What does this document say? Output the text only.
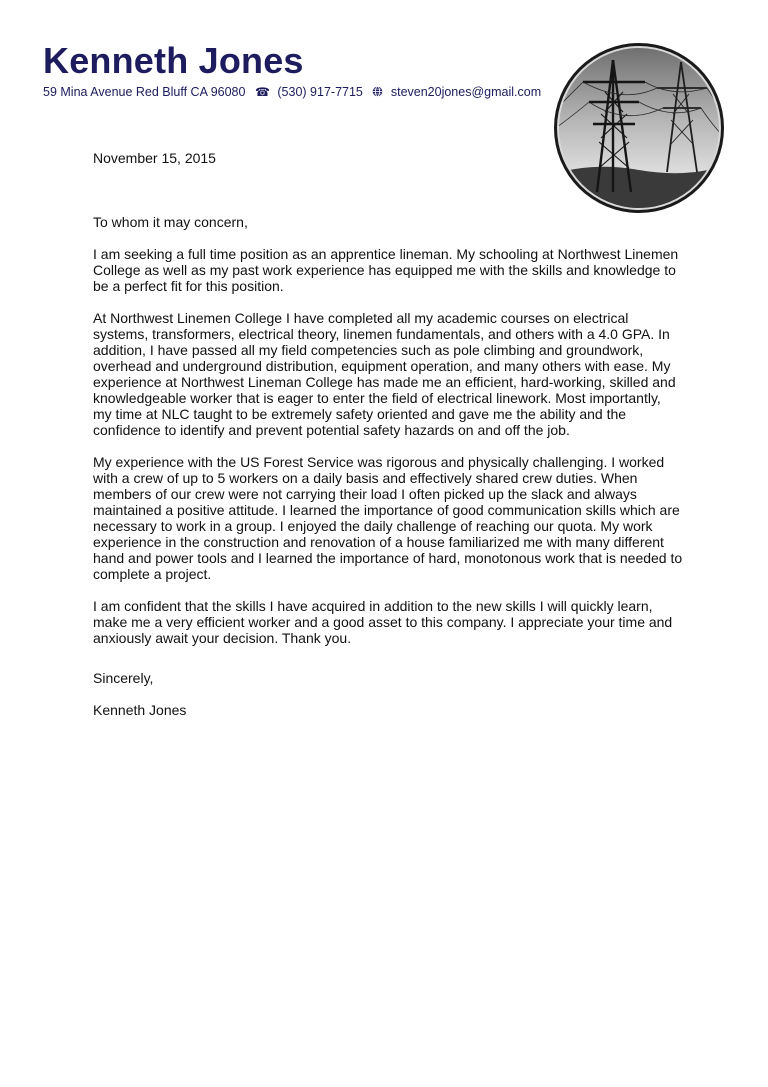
Kenneth Jones
59 Mina Avenue Red Bluff CA 96080 ☎ (530) 917-7715 steven20jones@gmail.com

November 15, 2015

To whom it may concern,

I am seeking a full time position as an apprentice lineman. My schooling at Northwest Linemen College as well as my past work experience has equipped me with the skills and knowledge to be a perfect fit for this position.

At Northwest Linemen College I have completed all my academic courses on electrical systems, transformers, electrical theory, linemen fundamentals, and others with a 4.0 GPA. In addition, I have passed all my field competencies such as pole climbing and groundwork, overhead and underground distribution, equipment operation, and many others with ease. My experience at Northwest Lineman College has made me an efficient, hard-working, skilled and knowledgeable worker that is eager to enter the field of electrical linework. Most importantly, my time at NLC taught to be extremely safety oriented and gave me the ability and the confidence to identify and prevent potential safety hazards on and off the job.

My experience with the US Forest Service was rigorous and physically challenging. I worked with a crew of up to 5 workers on a daily basis and effectively shared crew duties. When members of our crew were not carrying their load I often picked up the slack and always maintained a positive attitude. I learned the importance of good communication skills which are necessary to work in a group. I enjoyed the daily challenge of reaching our quota. My work experience in the construction and renovation of a house familiarized me with many different hand and power tools and I learned the importance of hard, monotonous work that is needed to complete a project.

I am confident that the skills I have acquired in addition to the new skills I will quickly learn, make me a very efficient worker and a good asset to this company. I appreciate your time and anxiously await your decision. Thank you.

Sincerely,

Kenneth Jones
